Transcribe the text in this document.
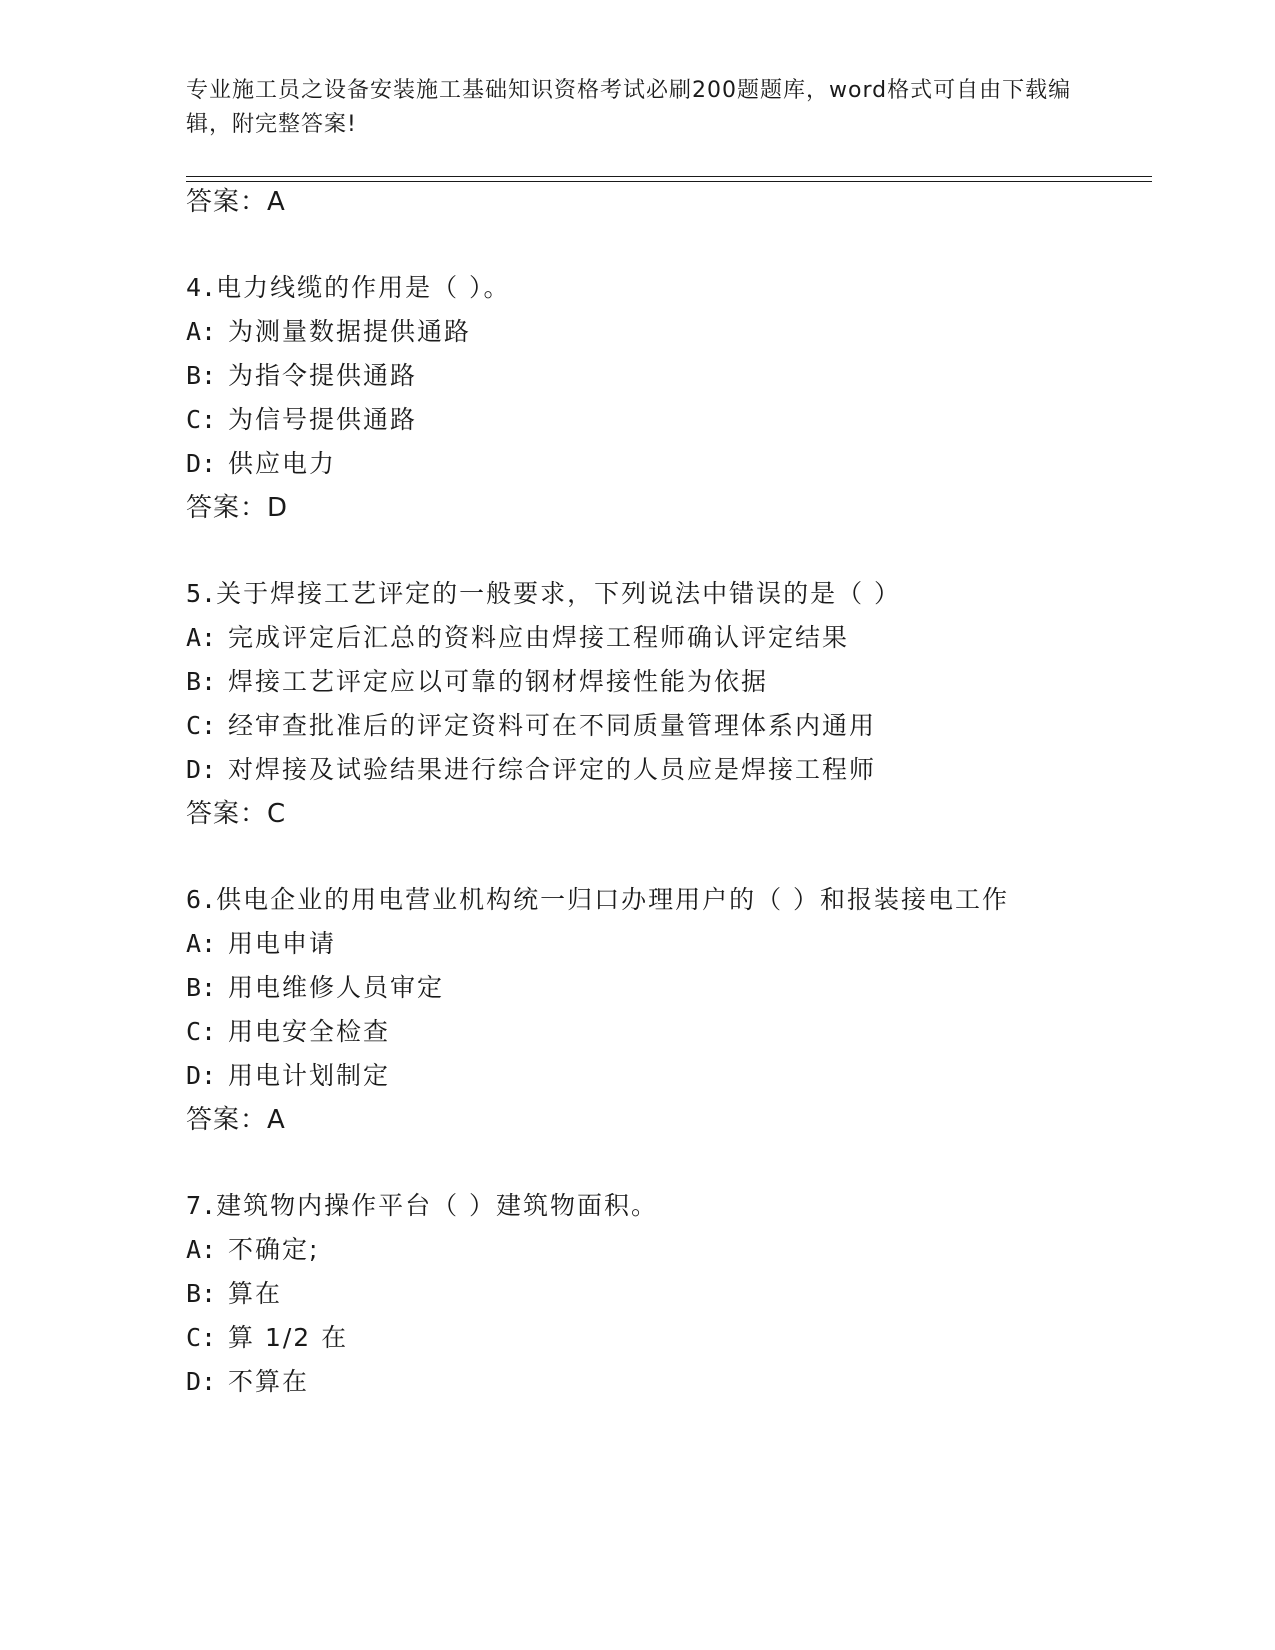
专业施工员之设备安装施工基础知识资格考试必刷200题题库，word格式可自由下载编辑，附完整答案!
答案：A
4.电力线缆的作用是（ ）。
A: 为测量数据提供通路
B: 为指令提供通路
C: 为信号提供通路
D: 供应电力
答案：D
5.关于焊接工艺评定的一般要求，下列说法中错误的是（ ）
A: 完成评定后汇总的资料应由焊接工程师确认评定结果
B: 焊接工艺评定应以可靠的钢材焊接性能为依据
C: 经审查批准后的评定资料可在不同质量管理体系内通用
D: 对焊接及试验结果进行综合评定的人员应是焊接工程师
答案：C
6.供电企业的用电营业机构统一归口办理用户的（ ）和报装接电工作
A: 用电申请
B: 用电维修人员审定
C: 用电安全检查
D: 用电计划制定
答案：A
7.建筑物内操作平台（ ）建筑物面积。
A: 不确定;
B: 算在
C: 算 1/2 在
D: 不算在
